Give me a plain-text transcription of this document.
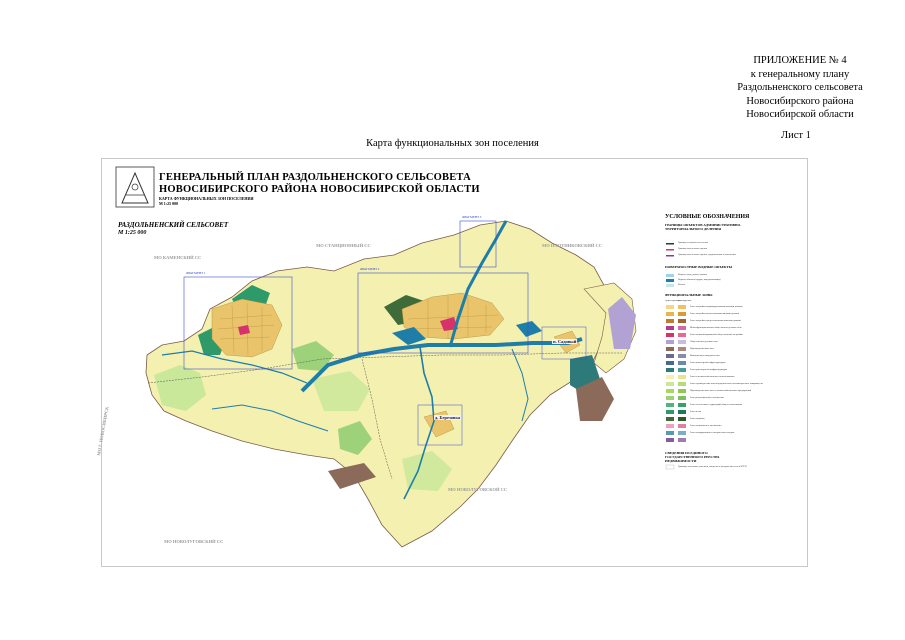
ПРИЛОЖЕНИЕ № 4
к генеральному плану
Раздольненского сельсовета
Новосибирского района
Новосибирской области
Лист 1
Карта функциональных зон поселения
ГЕНЕРАЛЬНЫЙ ПЛАН РАЗДОЛЬНЕНСКОГО СЕЛЬСОВЕТА
НОВОСИБИРСКОГО РАЙОНА НОВОСИБИРСКОЙ ОБЛАСТИ
КАРТА ФУНКЦИОНАЛЬНЫХ ЗОН ПОСЕЛЕНИЯ
М 1:25 000
РАЗДОЛЬНЕНСКИЙ СЕЛЬСОВЕТ
М 1:25 000
МО КАМЕНСКИЙ СС
МО СТАНЦИОННЫЙ СС	МО ПЛОТНИКОВСКИЙ СС
МО НОВОЛУГОВСКОЙ СС
МО НОВОЛУГОВСКИЙ СС
МО Г. НОВОСИБИРСК
ФРАГМЕНТ 1
ФРАГМЕНТ 2
ФРАГМЕНТ 3
п. Садовый
д. Березовка
УСЛОВНЫЕ ОБОЗНАЧЕНИЯ
ГРАНИЦЫ ОБЪЕКТОВ АДМИНИСТРАТИВНО-ТЕРРИТОРИАЛЬНОГО ДЕЛЕНИЯ
Граница сельского поселения
Граница населенного пункта
Граница населенного пункта, предлагаемая к изменению
ПОВЕРХНОСТНЫЕ ВОДНЫЕ ОБЪЕКТЫ
Водные пути, ручьи, канавы
Водные объекты (пруды, водохранилища)
Болота
ФУНКЦИОНАЛЬНЫЕ ЗОНЫ
существующие
планируемые
Зона застройки индивидуальными жилыми домами
Зона застройки малоэтажными жилыми домами
Зона застройки среднеэтажными жилыми домами
Многофункциональная общественно-деловая зона
Зона специализированной общественной застройки
Общественно-деловая зона
Производственная зона
Коммунально-складская зона
Зона инженерной инфраструктуры
Зона транспортной инфраструктуры
Зона сельскохозяйственного использования
Зона садоводческих или огороднических некоммерческих товариществ
Производственная зона сельскохозяйственных предприятий
Зона рекреационного назначения
Зона озелененных территорий общего пользования
Зона лесов
Зона кладбищ
Зона специального назначения
Зона складирования и захоронения отходов
СВЕДЕНИЯ ИЗ ЕДИНОГО ГОСУДАРСТВЕННОГО РЕЕСТРА НЕДВИЖИМОСТИ
Границы земельных участков, сведения о которых внесены в ЕГРН
